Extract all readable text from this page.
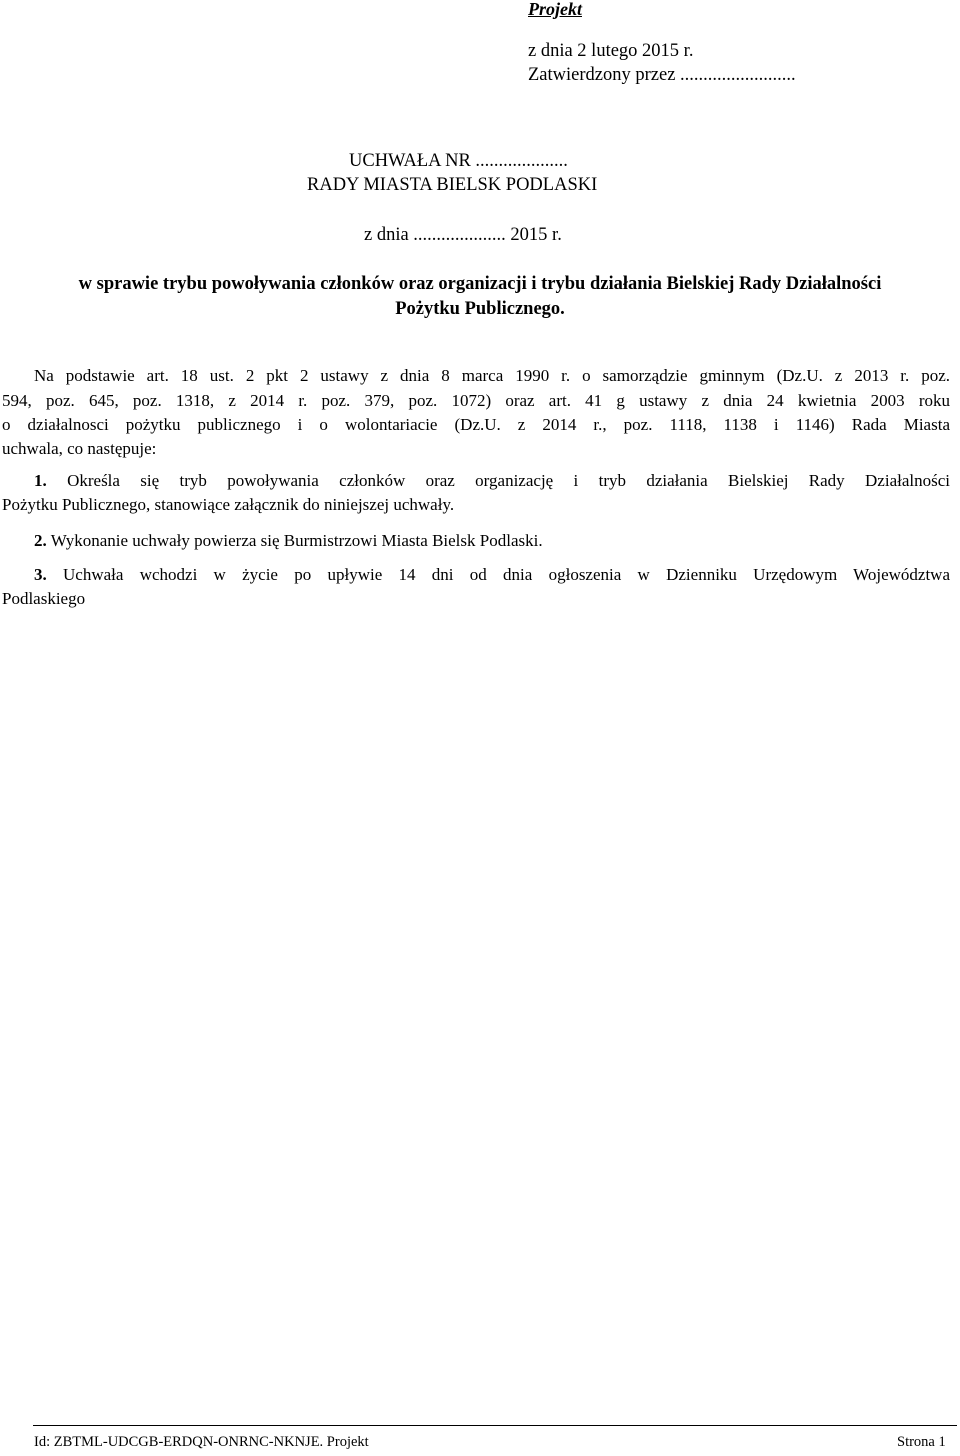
Projekt
z dnia 2 lutego 2015 r.
Zatwierdzony przez .........................
UCHWAŁA NR ....................
RADY MIASTA BIELSK PODLASKI
z dnia .................... 2015 r.
w sprawie trybu powoływania członków oraz organizacji i trybu działania Bielskiej Rady Działalności
Pożytku Publicznego.
Na podstawie art. 18 ust. 2 pkt 2 ustawy z dnia 8 marca 1990 r. o samorządzie gminnym (Dz.U. z 2013 r. poz.
594, poz. 645, poz. 1318, z 2014 r. poz. 379, poz. 1072) oraz art. 41 g ustawy z dnia 24 kwietnia 2003 roku
o działalnosci pożytku publicznego i o wolontariacie (Dz.U. z 2014 r., poz. 1118, 1138 i 1146) Rada Miasta
uchwala, co następuje:
1. Określa się tryb powoływania członków oraz organizację i tryb działania Bielskiej Rady Działalności
Pożytku Publicznego, stanowiące załącznik do niniejszej uchwały.
2. Wykonanie uchwały powierza się Burmistrzowi Miasta Bielsk Podlaski.
3. Uchwała wchodzi w życie po upływie 14 dni od dnia ogłoszenia w Dzienniku Urzędowym Województwa
Podlaskiego
Id: ZBTML-UDCGB-ERDQN-ONRNC-NKNJE. Projekt	Strona 1
